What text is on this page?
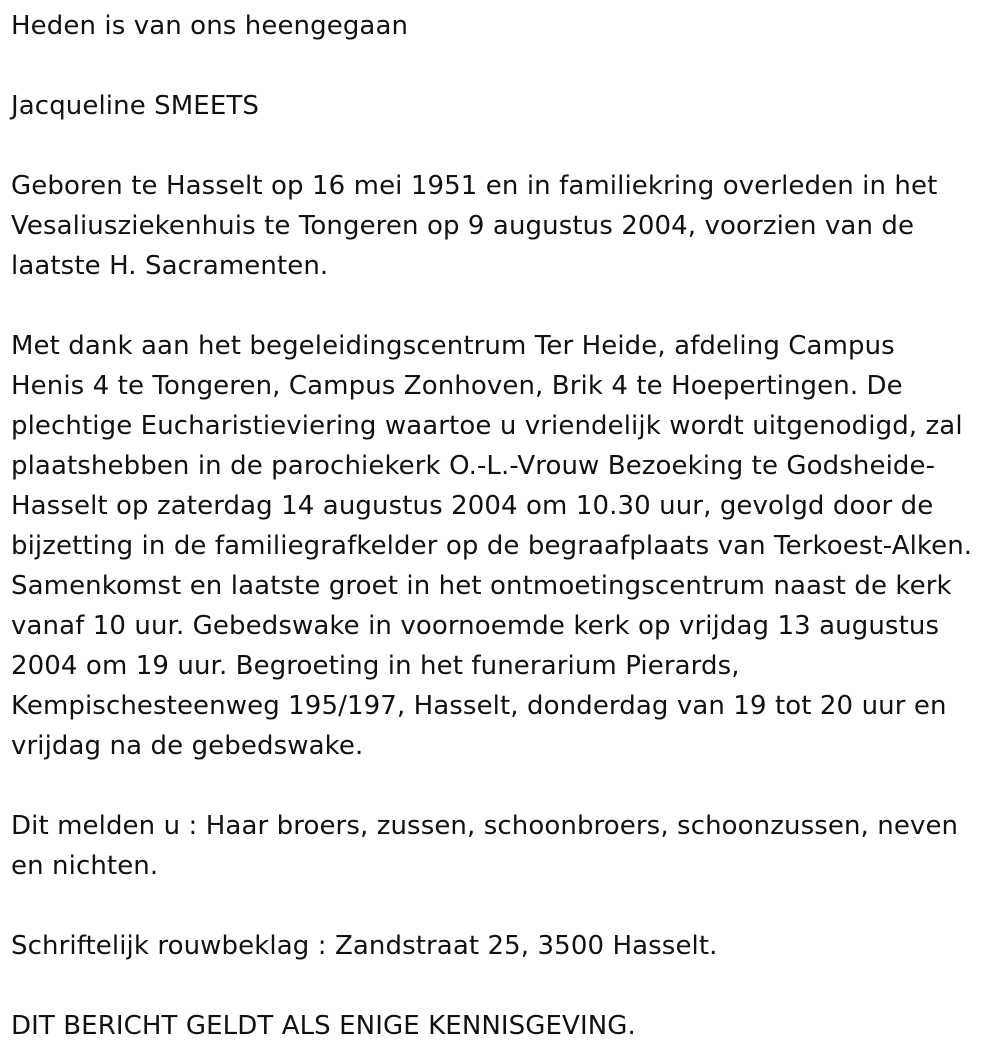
Heden is van ons heengegaan
Jacqueline SMEETS
Geboren te Hasselt op 16 mei 1951 en in familiekring overleden in het
Vesaliusziekenhuis te Tongeren op 9 augustus 2004, voorzien van de
laatste H. Sacramenten.
Met dank aan het begeleidingscentrum Ter Heide, afdeling Campus
Henis 4 te Tongeren, Campus Zonhoven, Brik 4 te Hoepertingen. De
plechtige Eucharistieviering waartoe u vriendelijk wordt uitgenodigd, zal
plaatshebben in de parochiekerk O.-L.-Vrouw Bezoeking te Godsheide-
Hasselt op zaterdag 14 augustus 2004 om 10.30 uur, gevolgd door de
bijzetting in de familiegrafkelder op de begraafplaats van Terkoest-Alken.
Samenkomst en laatste groet in het ontmoetingscentrum naast de kerk
vanaf 10 uur. Gebedswake in voornoemde kerk op vrijdag 13 augustus
2004 om 19 uur. Begroeting in het funerarium Pierards,
Kempischesteenweg 195/197, Hasselt, donderdag van 19 tot 20 uur en
vrijdag na de gebedswake.
Dit melden u : Haar broers, zussen, schoonbroers, schoonzussen, neven
en nichten.
Schriftelijk rouwbeklag : Zandstraat 25, 3500 Hasselt.
DIT BERICHT GELDT ALS ENIGE KENNISGEVING.
